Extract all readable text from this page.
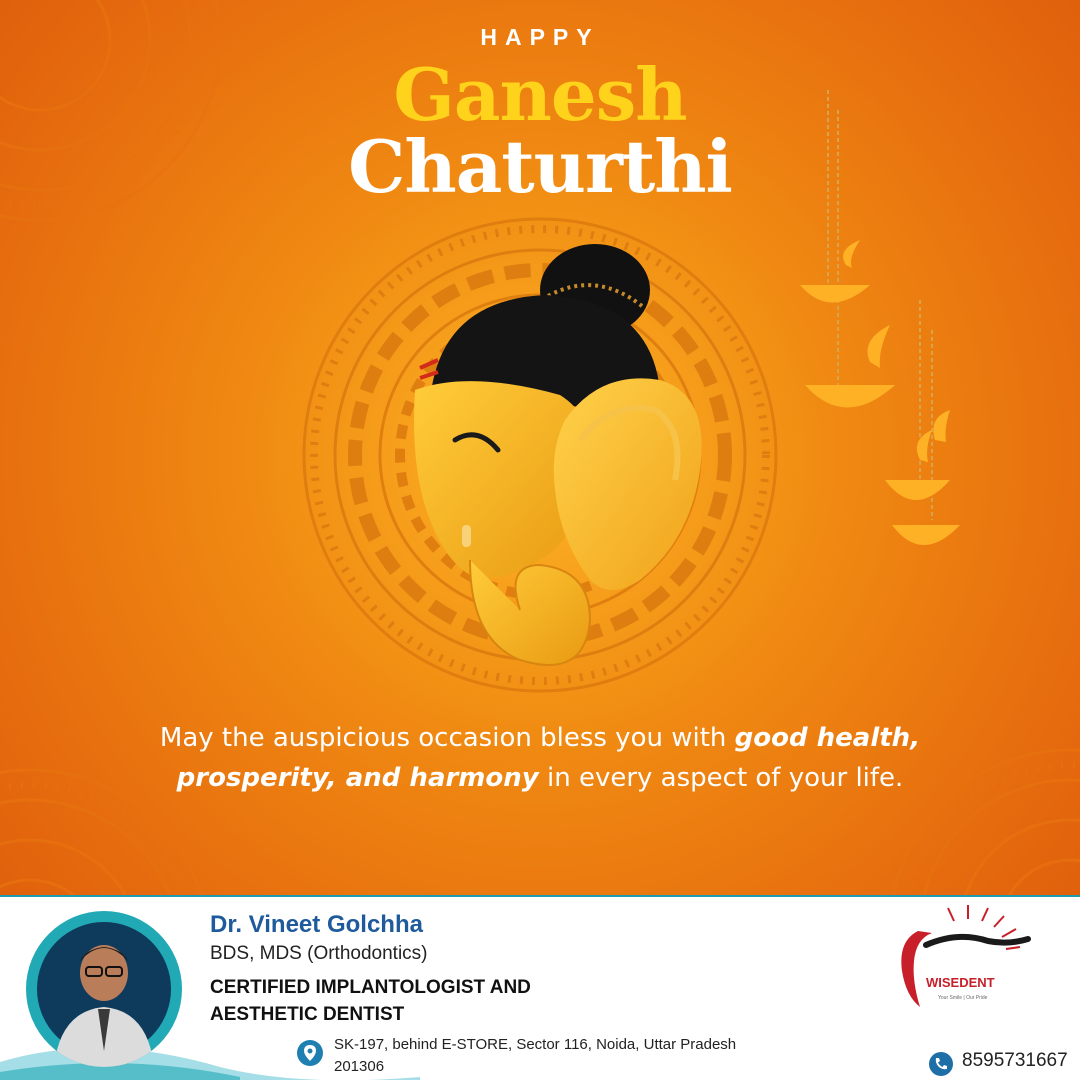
HAPPY
Ganesh
Chaturthi
May the auspicious occasion bless you with good health,
prosperity, and harmony in every aspect of your life.
Dr. Vineet Golchha
BDS, MDS (Orthodontics)
CERTIFIED IMPLANTOLOGIST AND
AESTHETIC DENTIST
SK-197, behind E-STORE, Sector 116, Noida, Uttar Pradesh
201306
WISEDENT
Your Smile | Our Pride
8595731667
